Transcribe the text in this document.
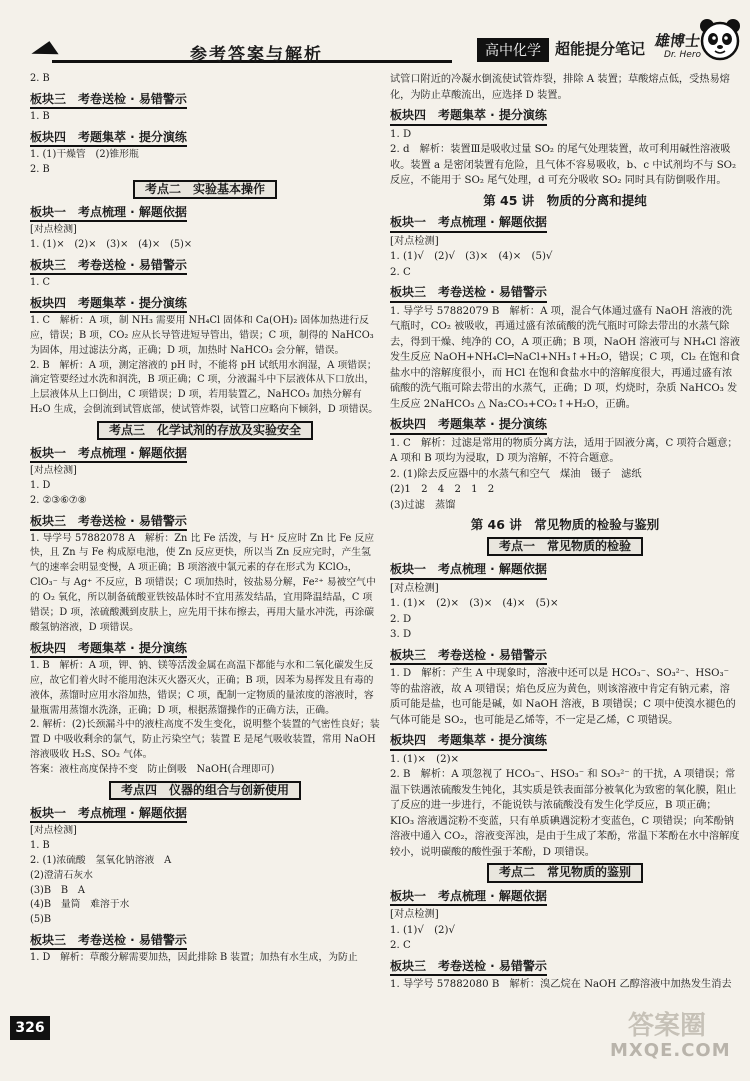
参考答案与解析	高中化学 超能提分笔记 雄博士
Dr. Hero

2. B

板块三　考卷送检 · 易错警示

1. B

板块四　考题集萃 · 提分演练

1. (1)干燥管　(2)锥形瓶

2. B

考点二　实验基本操作
板块一　考点梳理 · 解题依据

[对点检测]

1. (1)×　(2)×　(3)×　(4)×　(5)×

板块三　考卷送检 · 易错警示

1. C

板块四　考题集萃 · 提分演练

1. C　解析：A 项，制 NH₃ 需要用 NH₄Cl 固体和 Ca(OH)₂ 固体加热进行反应，错误；B 项，CO₂ 应从长导管进短导管出，错误；C 项，制得的 NaHCO₃ 为固体，用过滤法分离，正确；D 项，加热时 NaHCO₃ 会分解，错误。

2. B　解析：A 项，测定溶液的 pH 时，不能将 pH 试纸用水润湿，A 项错误；滴定管要经过水洗和润洗，B 项正确；C 项，分液漏斗中下层液体从下口放出，上层液体从上口倒出，C 项错误；D 项，若用装置乙，NaHCO₃ 加热分解有 H₂O 生成，会倒流到试管底部，使试管炸裂，试管口应略向下倾斜，D 项错误。

考点三　化学试剂的存放及实验安全
板块一　考点梳理 · 解题依据

[对点检测]

1. D

2. ②③⑥⑦⑧

板块三　考卷送检 · 易错警示

1. 导学号 57882078 A　解析：Zn 比 Fe 活泼，与 H⁺ 反应时 Zn 比 Fe 反应快，且 Zn 与 Fe 构成原电池，使 Zn 反应更快，所以当 Zn 反应完时，产生氢气的速率会明显变慢，A 项正确；B 项溶液中氯元素的存在形式为 KClO₃，ClO₃⁻ 与 Ag⁺ 不反应，B 项错误；C 项加热时，铵盐易分解，Fe²⁺ 易被空气中的 O₂ 氧化，所以制备硫酸亚铁铵晶体时不宜用蒸发结晶，宜用降温结晶，C 项错误；D 项，浓硫酸溅到皮肤上，应先用干抹布擦去，再用大量水冲洗，再涂碳酸氢钠溶液，D 项错误。

板块四　考题集萃 · 提分演练

1. B　解析：A 项，钾、钠、镁等活泼金属在高温下都能与水和二氧化碳发生反应，故它们着火时不能用泡沫灭火器灭火，正确；B 项，因苯为易挥发且有毒的液体，蒸馏时应用水浴加热，错误；C 项，配制一定物质的量浓度的溶液时，容量瓶需用蒸馏水洗涤，正确；D 项，根据蒸馏操作的正确方法，正确。

2. 解析：(2)长颈漏斗中的液柱高度不发生变化，说明整个装置的气密性良好；装置 D 中吸收剩余的氯气，防止污染空气；装置 E 是尾气吸收装置，常用 NaOH 溶液吸收 H₂S、SO₂ 气体。

答案：液柱高度保持不变　防止倒吸　NaOH(合理即可)

考点四　仪器的组合与创新使用
板块一　考点梳理 · 解题依据

[对点检测]

1. B

2. (1)浓硫酸　氢氧化钠溶液　A

(2)澄清石灰水

(3)B　B　A

(4)B　量筒　难溶于水

(5)B

板块三　考卷送检 · 易错警示

1. D　解析：草酸分解需要加热，因此排除 B 装置；加热有水生成，为防止

试管口附近的冷凝水倒流使试管炸裂，排除 A 装置；草酸熔点低，受热易熔化，为防止草酸流出，应选择 D 装置。

板块四　考题集萃 · 提分演练

1. D

2. d　解析：装置Ⅲ是吸收过量 SO₂ 的尾气处理装置，故可利用碱性溶液吸收。装置 a 是密闭装置有危险，且气体不容易吸收，b、c 中试剂均不与 SO₂ 反应，不能用于 SO₂ 尾气处理，d 可充分吸收 SO₂ 同时具有防倒吸作用。

第 45 讲　物质的分离和提纯
板块一　考点梳理 · 解题依据

[对点检测]

1. (1)√　(2)√　(3)×　(4)×　(5)√

2. C

板块三　考卷送检 · 易错警示

1. 导学号 57882079 B　解析：A 项，混合气体通过盛有 NaOH 溶液的洗气瓶时，CO₂ 被吸收，再通过盛有浓硫酸的洗气瓶时可除去带出的水蒸气除去，得到干燥、纯净的 CO，A 项正确；B 项，NaOH 溶液可与 NH₄Cl 溶液发生反应 NaOH+NH₄Cl═NaCl+NH₃↑+H₂O，错误；C 项，Cl₂ 在饱和食盐水中的溶解度很小，而 HCl 在饱和食盐水中的溶解度很大，再通过盛有浓硫酸的洗气瓶可除去带出的水蒸气，正确；D 项，灼烧时，杂质 NaHCO₃ 发生反应 2NaHCO₃ △ Na₂CO₃+CO₂↑+H₂O，正确。

板块四　考题集萃 · 提分演练

1. C　解析：过滤是常用的物质分离方法，适用于固液分离，C 项符合题意；A 项和 B 项均为浸取，D 项为溶解，不符合题意。

2. (1)除去反应器中的水蒸气和空气　煤油　镊子　滤纸

(2)1　2　4　2　1　2

(3)过滤　蒸馏

第 46 讲　常见物质的检验与鉴别
考点一　常见物质的检验
板块一　考点梳理 · 解题依据

[对点检测]

1. (1)×　(2)×　(3)×　(4)×　(5)×

2. D

3. D

板块三　考卷送检 · 易错警示

1. D　解析：产生 A 中现象时，溶液中还可以是 HCO₃⁻、SO₃²⁻、HSO₃⁻ 等的盐溶液，故 A 项错误；焰色反应为黄色，则该溶液中肯定有钠元素，溶质可能是盐，也可能是碱，如 NaOH 溶液，B 项错误；C 项中使溴水褪色的气体可能是 SO₂，也可能是乙烯等，不一定是乙烯，C 项错误。

板块四　考题集萃 · 提分演练

1. (1)×　(2)×

2. B　解析：A 项忽视了 HCO₃⁻、HSO₃⁻ 和 SO₃²⁻ 的干扰，A 项错误；常温下铁遇浓硫酸发生钝化，其实质是铁表面部分被氧化为致密的氧化膜，阻止了反应的进一步进行，不能说铁与浓硫酸没有发生化学反应，B 项正确；KIO₃ 溶液遇淀粉不变蓝，只有单质碘遇淀粉才变蓝色，C 项错误；向苯酚钠溶液中通入 CO₂，溶液变浑浊，是由于生成了苯酚，常温下苯酚在水中溶解度较小，说明碳酸的酸性强于苯酚，D 项错误。

考点二　常见物质的鉴别
板块一　考点梳理 · 解题依据

[对点检测]

1. (1)√　(2)√

2. C

板块三　考卷送检 · 易错警示

1. 导学号 57882080 B　解析：溴乙烷在 NaOH 乙醇溶液中加热发生消去

326	答案圈
MXQE.COM
